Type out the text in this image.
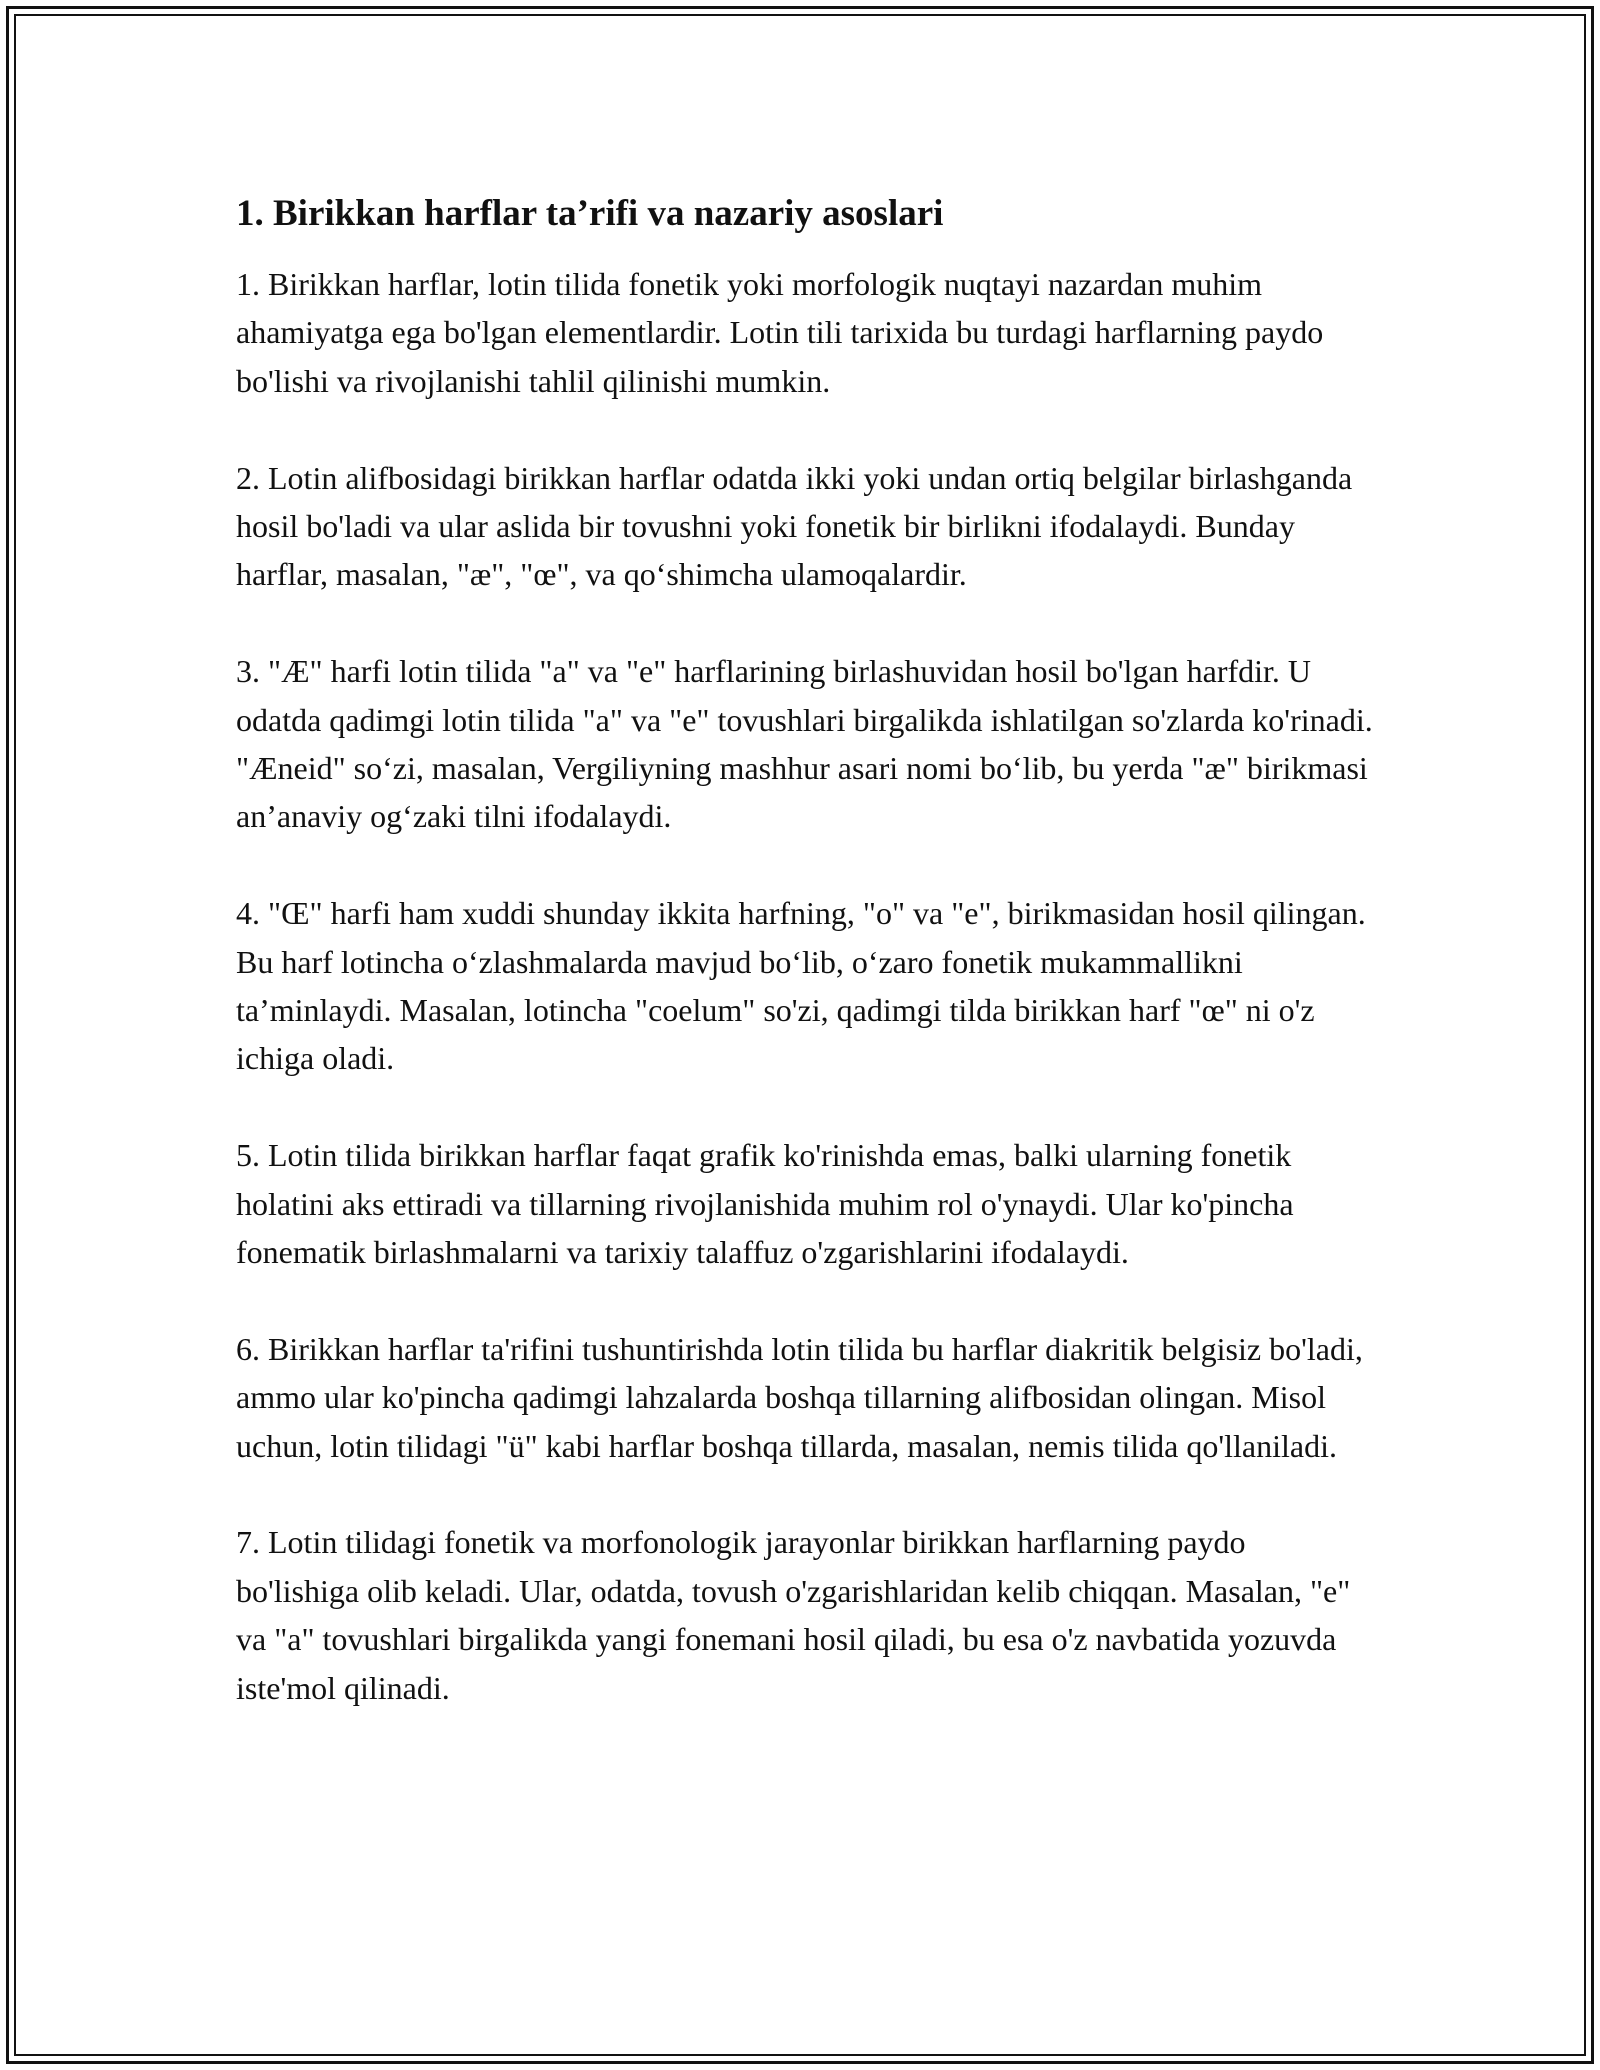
1. Birikkan harflar ta’rifi va nazariy asoslari

1. Birikkan harflar, lotin tilida fonetik yoki morfologik nuqtayi nazardan muhim ahamiyatga ega bo'lgan elementlardir. Lotin tili tarixida bu turdagi harflarning paydo bo'lishi va rivojlanishi tahlil qilinishi mumkin.

2. Lotin alifbosidagi birikkan harflar odatda ikki yoki undan ortiq belgilar birlashganda hosil bo'ladi va ular aslida bir tovushni yoki fonetik bir birlikni ifodalaydi. Bunday harflar, masalan, "æ", "œ", va qo‘shimcha ulamoqalardir.

3. "Æ" harfi lotin tilida "a" va "e" harflarining birlashuvidan hosil bo'lgan harfdir. U odatda qadimgi lotin tilida "a" va "e" tovushlari birgalikda ishlatilgan so'zlarda ko'rinadi. "Æneid" so‘zi, masalan, Vergiliyning mashhur asari nomi bo‘lib, bu yerda "æ" birikmasi an’anaviy og‘zaki tilni ifodalaydi.

4. "Œ" harfi ham xuddi shunday ikkita harfning, "o" va "e", birikmasidan hosil qilingan. Bu harf lotincha o‘zlashmalarda mavjud bo‘lib, o‘zaro fonetik mukammallikni ta’minlaydi. Masalan, lotincha "coelum" so'zi, qadimgi tilda birikkan harf "œ" ni o'z ichiga oladi.

5. Lotin tilida birikkan harflar faqat grafik ko'rinishda emas, balki ularning fonetik holatini aks ettiradi va tillarning rivojlanishida muhim rol o'ynaydi. Ular ko'pincha fonematik birlashmalarni va tarixiy talaffuz o'zgarishlarini ifodalaydi.

6. Birikkan harflar ta'rifini tushuntirishda lotin tilida bu harflar diakritik belgisiz bo'ladi, ammo ular ko'pincha qadimgi lahzalarda boshqa tillarning alifbosidan olingan. Misol uchun, lotin tilidagi "ü" kabi harflar boshqa tillarda, masalan, nemis tilida qo'llaniladi.

7. Lotin tilidagi fonetik va morfonologik jarayonlar birikkan harflarning paydo bo'lishiga olib keladi. Ular, odatda, tovush o'zgarishlaridan kelib chiqqan. Masalan, "e" va "a" tovushlari birgalikda yangi fonemani hosil qiladi, bu esa o'z navbatida yozuvda iste'mol qilinadi.
